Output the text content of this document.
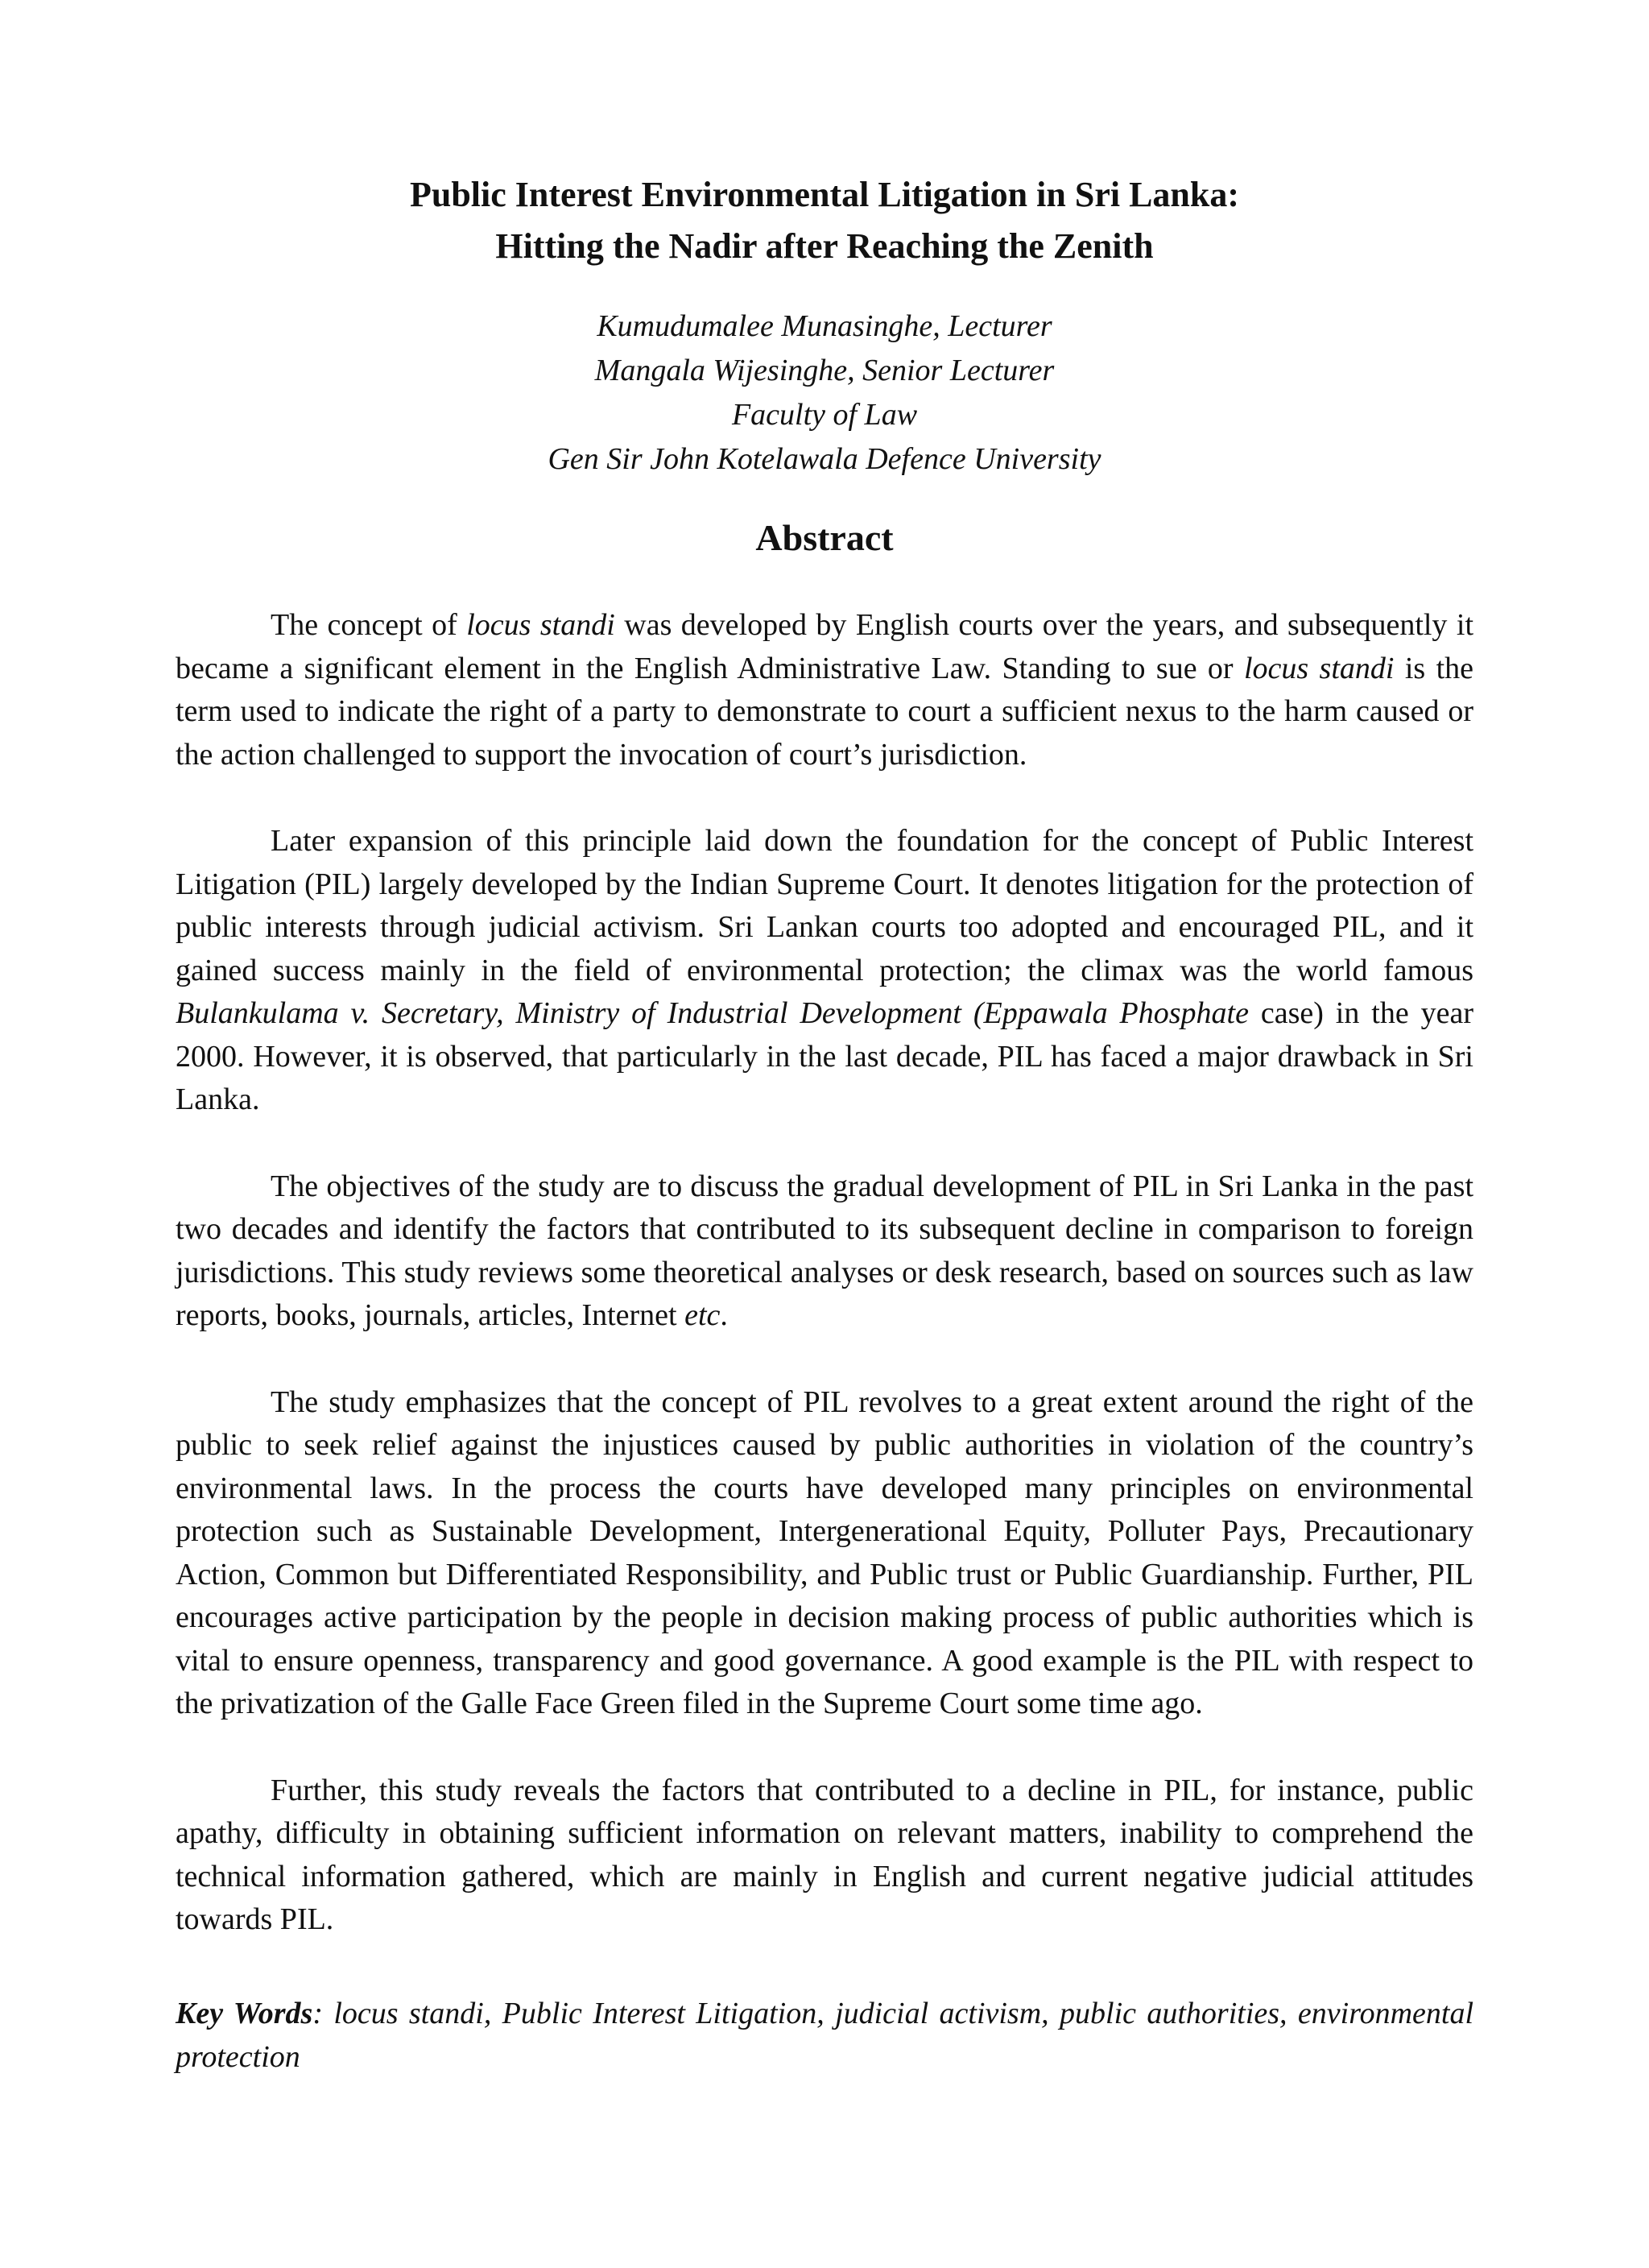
Public Interest Environmental Litigation in Sri Lanka:
Hitting the Nadir after Reaching the Zenith
Kumudumalee Munasinghe, Lecturer
Mangala Wijesinghe, Senior Lecturer
Faculty of Law
Gen Sir John Kotelawala Defence University
Abstract

The concept of locus standi was developed by English courts over the years, and subsequently it became a significant element in the English Administrative Law. Standing to sue or locus standi is the term used to indicate the right of a party to demonstrate to court a sufficient nexus to the harm caused or the action challenged to support the invocation of court’s jurisdiction.

Later expansion of this principle laid down the foundation for the concept of Public Interest Litigation (PIL) largely developed by the Indian Supreme Court. It denotes litigation for the protection of public interests through judicial activism. Sri Lankan courts too adopted and encouraged PIL, and it gained success mainly in the field of environmental protection; the climax was the world famous Bulankulama v. Secretary, Ministry of Industrial Development (Eppawala Phosphate case) in the year 2000. However, it is observed, that particularly in the last decade, PIL has faced a major drawback in Sri Lanka.

The objectives of the study are to discuss the gradual development of PIL in Sri Lanka in the past two decades and identify the factors that contributed to its subsequent decline in comparison to foreign jurisdictions. This study reviews some theoretical analyses or desk research, based on sources such as law reports, books, journals, articles, Internet etc.

The study emphasizes that the concept of PIL revolves to a great extent around the right of the public to seek relief against the injustices caused by public authorities in violation of the country’s environmental laws. In the process the courts have developed many principles on environmental protection such as Sustainable Development, Intergenerational Equity, Polluter Pays, Precautionary Action, Common but Differentiated Responsibility, and Public trust or Public Guardianship. Further, PIL encourages active participation by the people in decision making process of public authorities which is vital to ensure openness, transparency and good governance. A good example is the PIL with respect to the privatization of the Galle Face Green filed in the Supreme Court some time ago.

Further, this study reveals the factors that contributed to a decline in PIL, for instance, public apathy, difficulty in obtaining sufficient information on relevant matters, inability to comprehend the technical information gathered, which are mainly in English and current negative judicial attitudes towards PIL.

Key Words: locus standi, Public Interest Litigation, judicial activism, public authorities, environmental protection
